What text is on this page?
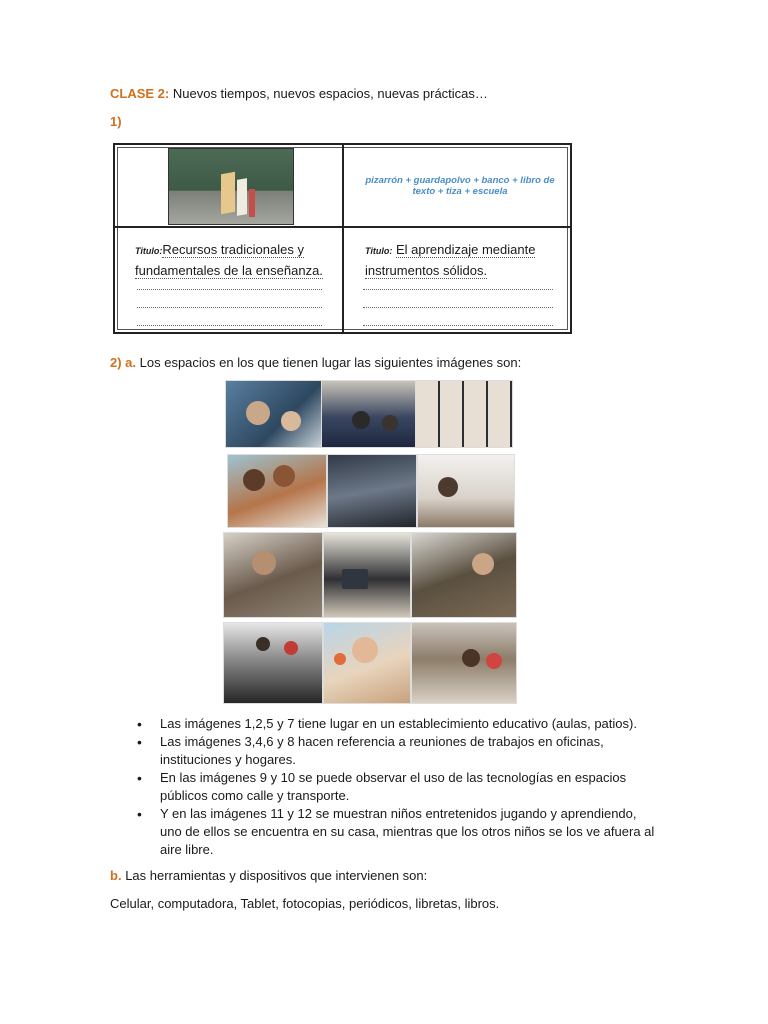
CLASE 2: Nuevos tiempos, nuevos espacios, nuevas prácticas…
1)
pizarrón + guardapolvo + banco + libro de texto + tiza + escuela
Titulo:Recursos tradicionales y
fundamentales de la enseñanza.
Titulo: El aprendizaje mediante
instrumentos sólidos.
2) a. Los espacios en los que tienen lugar las siguientes imágenes son:
• Las imágenes 1,2,5 y 7 tiene lugar en un establecimiento educativo (aulas, patios).
• Las imágenes 3,4,6 y 8 hacen referencia a reuniones de trabajos en oficinas, instituciones y hogares.
• En las imágenes 9 y 10 se puede observar el uso de las tecnologías en espacios públicos como calle y transporte.
• Y en las imágenes 11 y 12 se muestran niños entretenidos jugando y aprendiendo, uno de ellos se encuentra en su casa, mientras que los otros niños se los ve afuera al aire libre.
b. Las herramientas y dispositivos que intervienen son:
Celular, computadora, Tablet, fotocopias, periódicos, libretas, libros.
